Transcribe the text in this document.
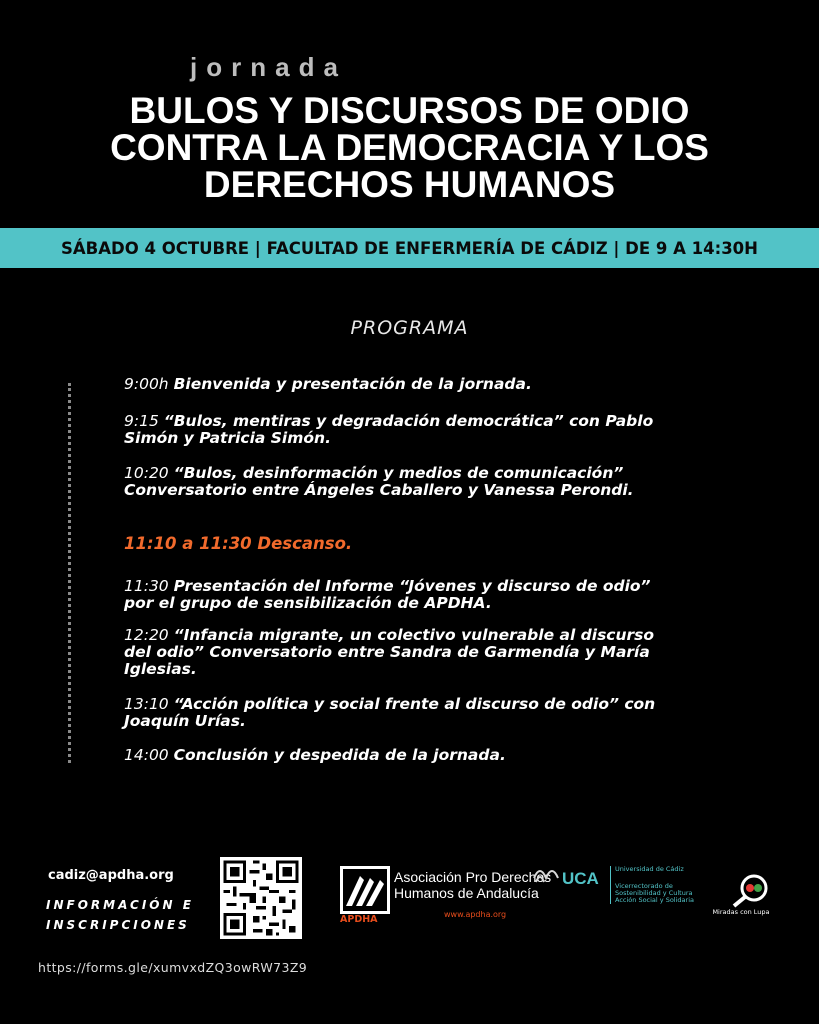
jornada
BULOS Y DISCURSOS DE ODIO
CONTRA LA DEMOCRACIA Y LOS
DERECHOS HUMANOS
SÁBADO 4 OCTUBRE | FACULTAD DE ENFERMERÍA DE CÁDIZ | DE 9 A 14:30H
PROGRAMA
9:00h Bienvenida y presentación de la jornada.
9:15 “Bulos, mentiras y degradación democrática” con Pablo Simón y Patricia Simón.
10:20 “Bulos, desinformación y medios de comunicación” Conversatorio entre Ángeles Caballero y Vanessa Perondi.
11:10 a 11:30 Descanso.
11:30 Presentación del Informe “Jóvenes y discurso de odio” por el grupo de sensibilización de APDHA.
12:20 “Infancia migrante, un colectivo vulnerable al discurso del odio” Conversatorio entre Sandra de Garmendía y María Iglesias.
13:10 “Acción política y social frente al discurso de odio” con Joaquín Urías.
14:00 Conclusión y despedida de la jornada.
cadiz@apdha.org
INFORMACIÓN E
INSCRIPCIONES	APDHA
Asociación Pro Derechos
Humanos de Andalucía
www.apdha.org
UCA Universidad de Cádiz
Vicerrectorado de Sostenibilidad y Cultura
Acción Social y Solidaria
Miradas con Lupa
https://forms.gle/xumvxdZQ3owRW73Z9
